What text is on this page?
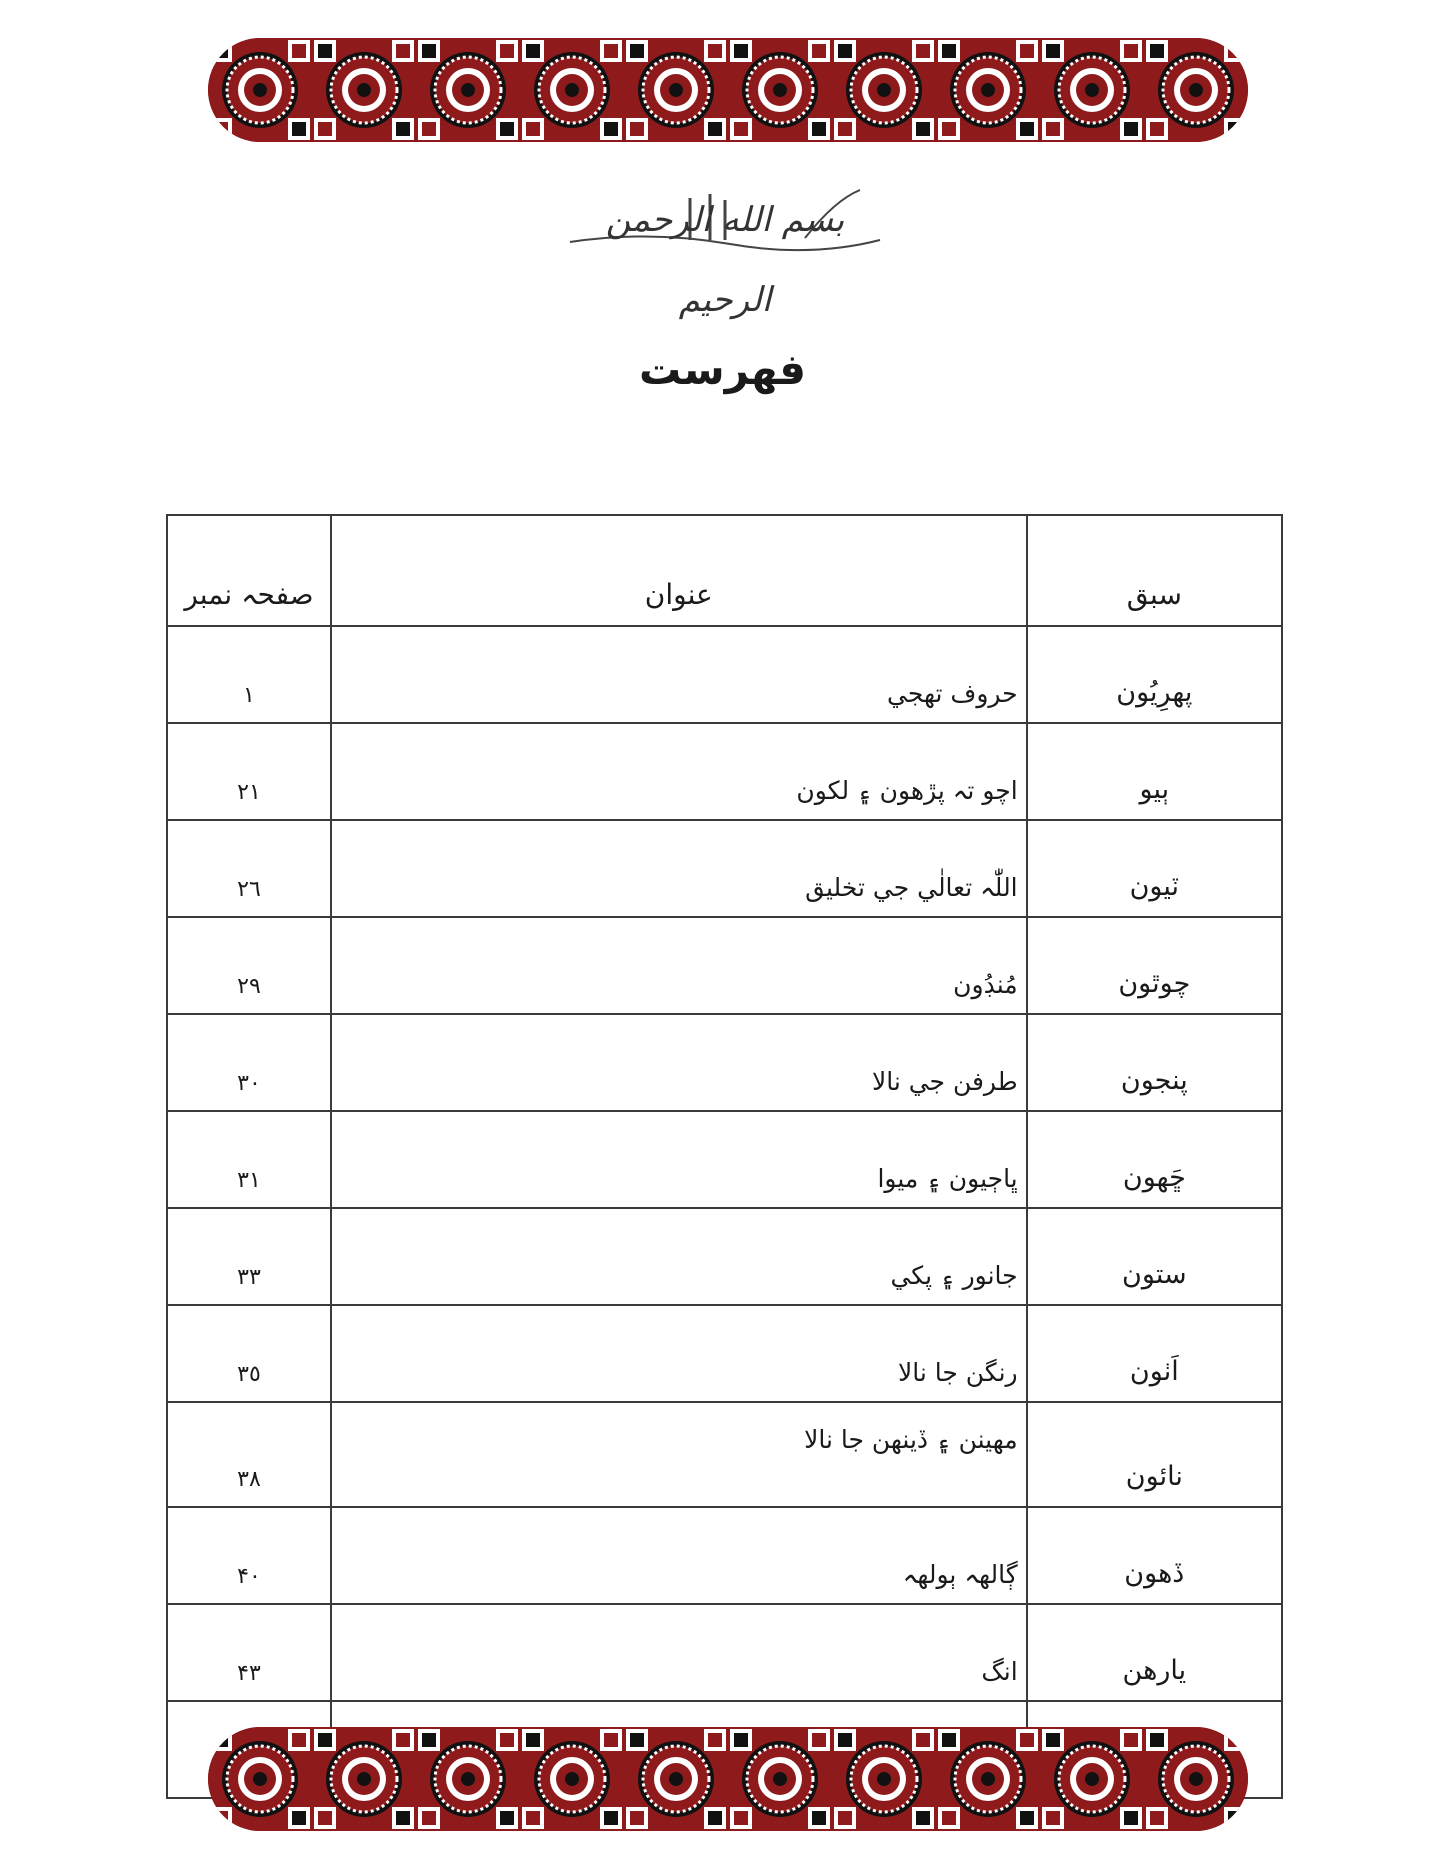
بسم الله الرحمن الرحيم
فهرست
سبق	عنوان	صفحہ نمبر
پهرِيُون	حروف تهجي	١
ٻيو	اچو تہ پڙهون ۽ لکون	٢١
ٽيون	اللّٰہ تعالٰي جي تخليق	٢٦
چوٿون	مُنڊُون	٢٩
پنجون	طرفن جي نالا	٣٠
ڇَهون	ڀاڄيون ۽ ميوا	٣١
ستون	جانور ۽ پکي	٣٣
اَٺون	رنگن جا نالا	٣٥
نائون	مهينن ۽ ڏينهن جا نالا	٣٨
ڏهون	ڳالهہ ٻولهہ	۴٠
يارهن	انگ	۴٣
